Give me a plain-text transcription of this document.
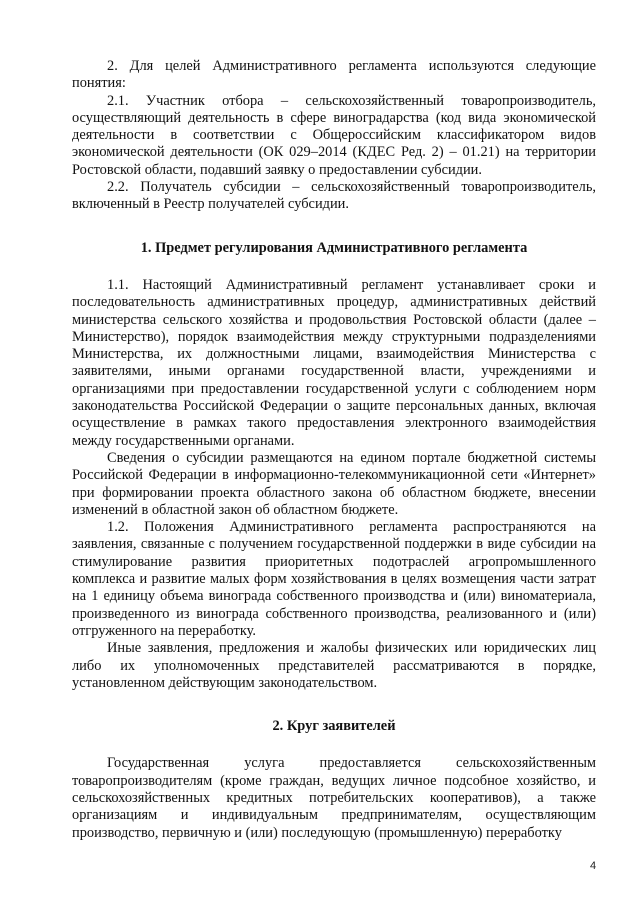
2. Для целей Административного регламента используются следующие понятия:

2.1. Участник отбора – сельскохозяйственный товаропроизводитель, осуществляющий деятельность в сфере виноградарства (код вида экономической деятельности в соответствии с Общероссийским классификатором видов экономической деятельности (ОК 029–2014 (КДЕС Ред. 2) – 01.21) на территории Ростовской области, подавший заявку о предоставлении субсидии.

2.2. Получатель субсидии – сельскохозяйственный товаропроизводитель, включенный в Реестр получателей субсидии.

1. Предмет регулирования Административного регламента

1.1. Настоящий Административный регламент устанавливает сроки и последовательность административных процедур, административных действий министерства сельского хозяйства и продовольствия Ростовской области (далее – Министерство), порядок взаимодействия между структурными подразделениями Министерства, их должностными лицами, взаимодействия Министерства с заявителями, иными органами государственной власти, учреждениями и организациями при предоставлении государственной услуги с соблюдением норм законодательства Российской Федерации о защите персональных данных, включая осуществление в рамках такого предоставления электронного взаимодействия между государственными органами.

Сведения о субсидии размещаются на едином портале бюджетной системы Российской Федерации в информационно-телекоммуникационной сети «Интернет» при формировании проекта областного закона об областном бюджете, внесении изменений в областной закон об областном бюджете.

1.2. Положения Административного регламента распространяются на заявления, связанные с получением государственной поддержки в виде субсидии на стимулирование развития приоритетных подотраслей агропромышленного комплекса и развитие малых форм хозяйствования в целях возмещения части затрат на 1 единицу объема винограда собственного производства и (или) виноматериала, произведенного из винограда собственного производства, реализованного и (или) отгруженного на переработку.

Иные заявления, предложения и жалобы физических или юридических лиц либо их уполномоченных представителей рассматриваются в порядке, установленном действующим законодательством.

2. Круг заявителей

Государственная услуга предоставляется сельскохозяйственным товаропроизводителям (кроме граждан, ведущих личное подсобное хозяйство, и сельскохозяйственных кредитных потребительских кооперативов), а также организациям и индивидуальным предпринимателям, осуществляющим производство, первичную и (или) последующую (промышленную) переработку

4
